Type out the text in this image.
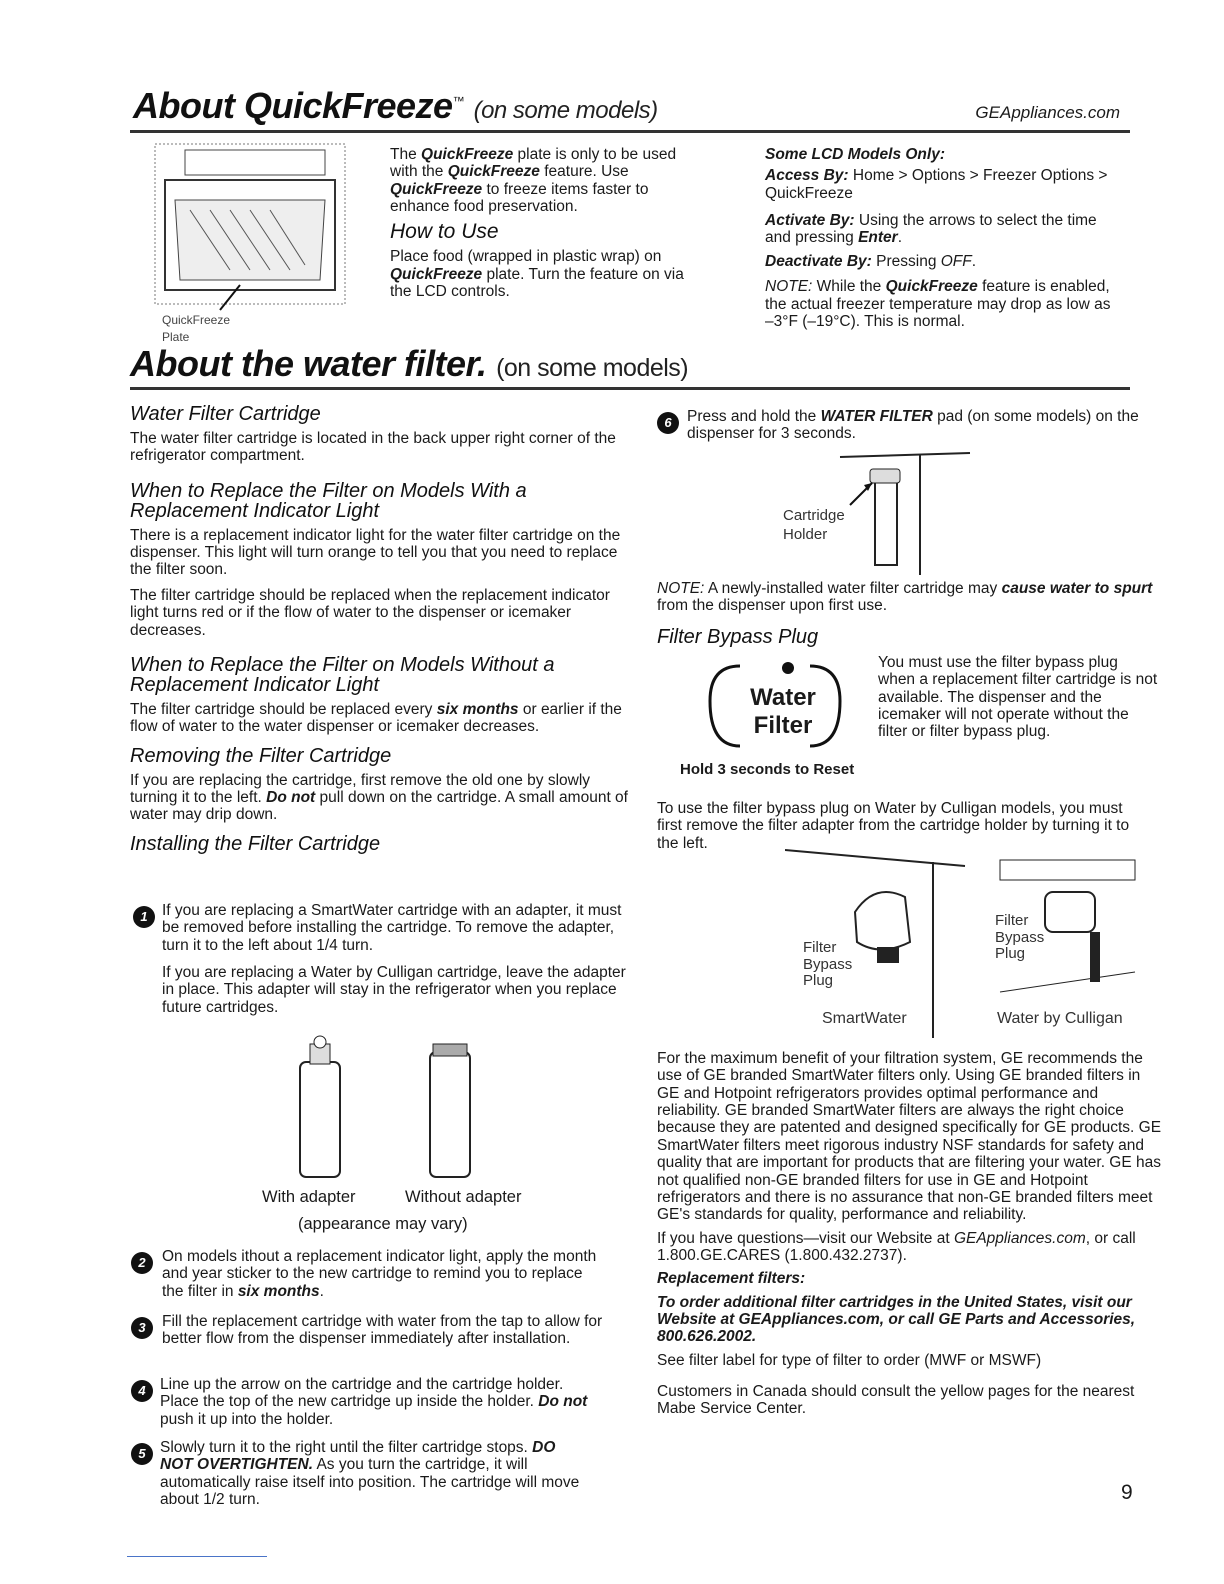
About QuickFreeze™ (on some models)	GEAppliances.com
QuickFreeze
Plate

The QuickFreeze plate is only to be used with the QuickFreeze feature. Use QuickFreeze to freeze items faster to enhance food preservation.

How to Use

Place food (wrapped in plastic wrap) on QuickFreeze plate. Turn the feature on via the LCD controls.

Some LCD Models Only:

Access By: Home > Options > Freezer Options > QuickFreeze

Activate By: Using the arrows to select the time and pressing Enter.

Deactivate By: Pressing OFF.

NOTE: While the QuickFreeze feature is enabled, the actual freezer temperature may drop as low as –3°F (–19°C). This is normal.

About the water filter. (on some models)
Water Filter Cartridge

The water filter cartridge is located in the back upper right corner of the refrigerator compartment.

When to Replace the Filter on Models With a Replacement Indicator Light

There is a replacement indicator light for the water filter cartridge on the dispenser. This light will turn orange to tell you that you need to replace the filter soon.

The filter cartridge should be replaced when the replacement indicator light turns red or if the flow of water to the dispenser or icemaker decreases.

When to Replace the Filter on Models Without a Replacement Indicator Light

The filter cartridge should be replaced every six months or earlier if the flow of water to the water dispenser or icemaker decreases.

Removing the Filter Cartridge

If you are replacing the cartridge, first remove the old one by slowly turning it to the left. Do not pull down on the cartridge. A small amount of water may drip down.

Installing the Filter Cartridge
1 If you are replacing a SmartWater cartridge with an adapter, it must be removed before installing the cartridge. To remove the adapter, turn it to the left about 1/4 turn.

If you are replacing a Water by Culligan cartridge, leave the adapter in place. This adapter will stay in the refrigerator when you replace future cartridges.

With adapter	Without adapter
(appearance may vary)
2	On models ithout a replacement indicator light, apply the month and year sticker to the new cartridge to remind you to replace the filter in six months.

3	Fill the replacement cartridge with water from the tap to allow for better flow from the dispenser immediately after installation.

4 Line up the arrow on the cartridge and the cartridge holder. Place the top of the new cartridge up inside the holder. Do not push it up into the holder.

5 Slowly turn it to the right until the filter cartridge stops. DO NOT OVERTIGHTEN. As you turn the cartridge, it will automatically raise itself into position. The cartridge will move about 1/2 turn.

6 Press and hold the WATER FILTER pad (on some models) on the dispenser for 3 seconds.

Cartridge
Holder

NOTE: A newly-installed water filter cartridge may cause water to spurt from the dispenser upon first use.

Filter Bypass Plug
Water
Filter
Hold 3 seconds to Reset

You must use the filter bypass plug when a replacement filter cartridge is not available. The dispenser and the icemaker will not operate without the filter or filter bypass plug.

To use the filter bypass plug on Water by Culligan models, you must first remove the filter adapter from the cartridge holder by turning it to the left.

Filter
Bypass
Plug
Filter
Bypass
Plug
SmartWater	Water by Culligan

For the maximum benefit of your filtration system, GE recommends the use of GE branded SmartWater filters only. Using GE branded filters in GE and Hotpoint refrigerators provides optimal performance and reliability. GE branded SmartWater filters are always the right choice because they are patented and designed specifically for GE products. GE SmartWater filters meet rigorous industry NSF standards for safety and quality that are important for products that are filtering your water. GE has not qualified non-GE branded filters for use in GE and Hotpoint refrigerators and there is no assurance that non-GE branded filters meet GE's standards for quality, performance and reliability.

If you have questions—visit our Website at GEAppliances.com, or call 1.800.GE.CARES (1.800.432.2737).

Replacement filters:

To order additional filter cartridges in the United States, visit our Website at GEAppliances.com, or call GE Parts and Accessories, 800.626.2002.

See filter label for type of filter to order (MWF or MSWF)

Customers in Canada should consult the yellow pages for the nearest Mabe Service Center.

9
